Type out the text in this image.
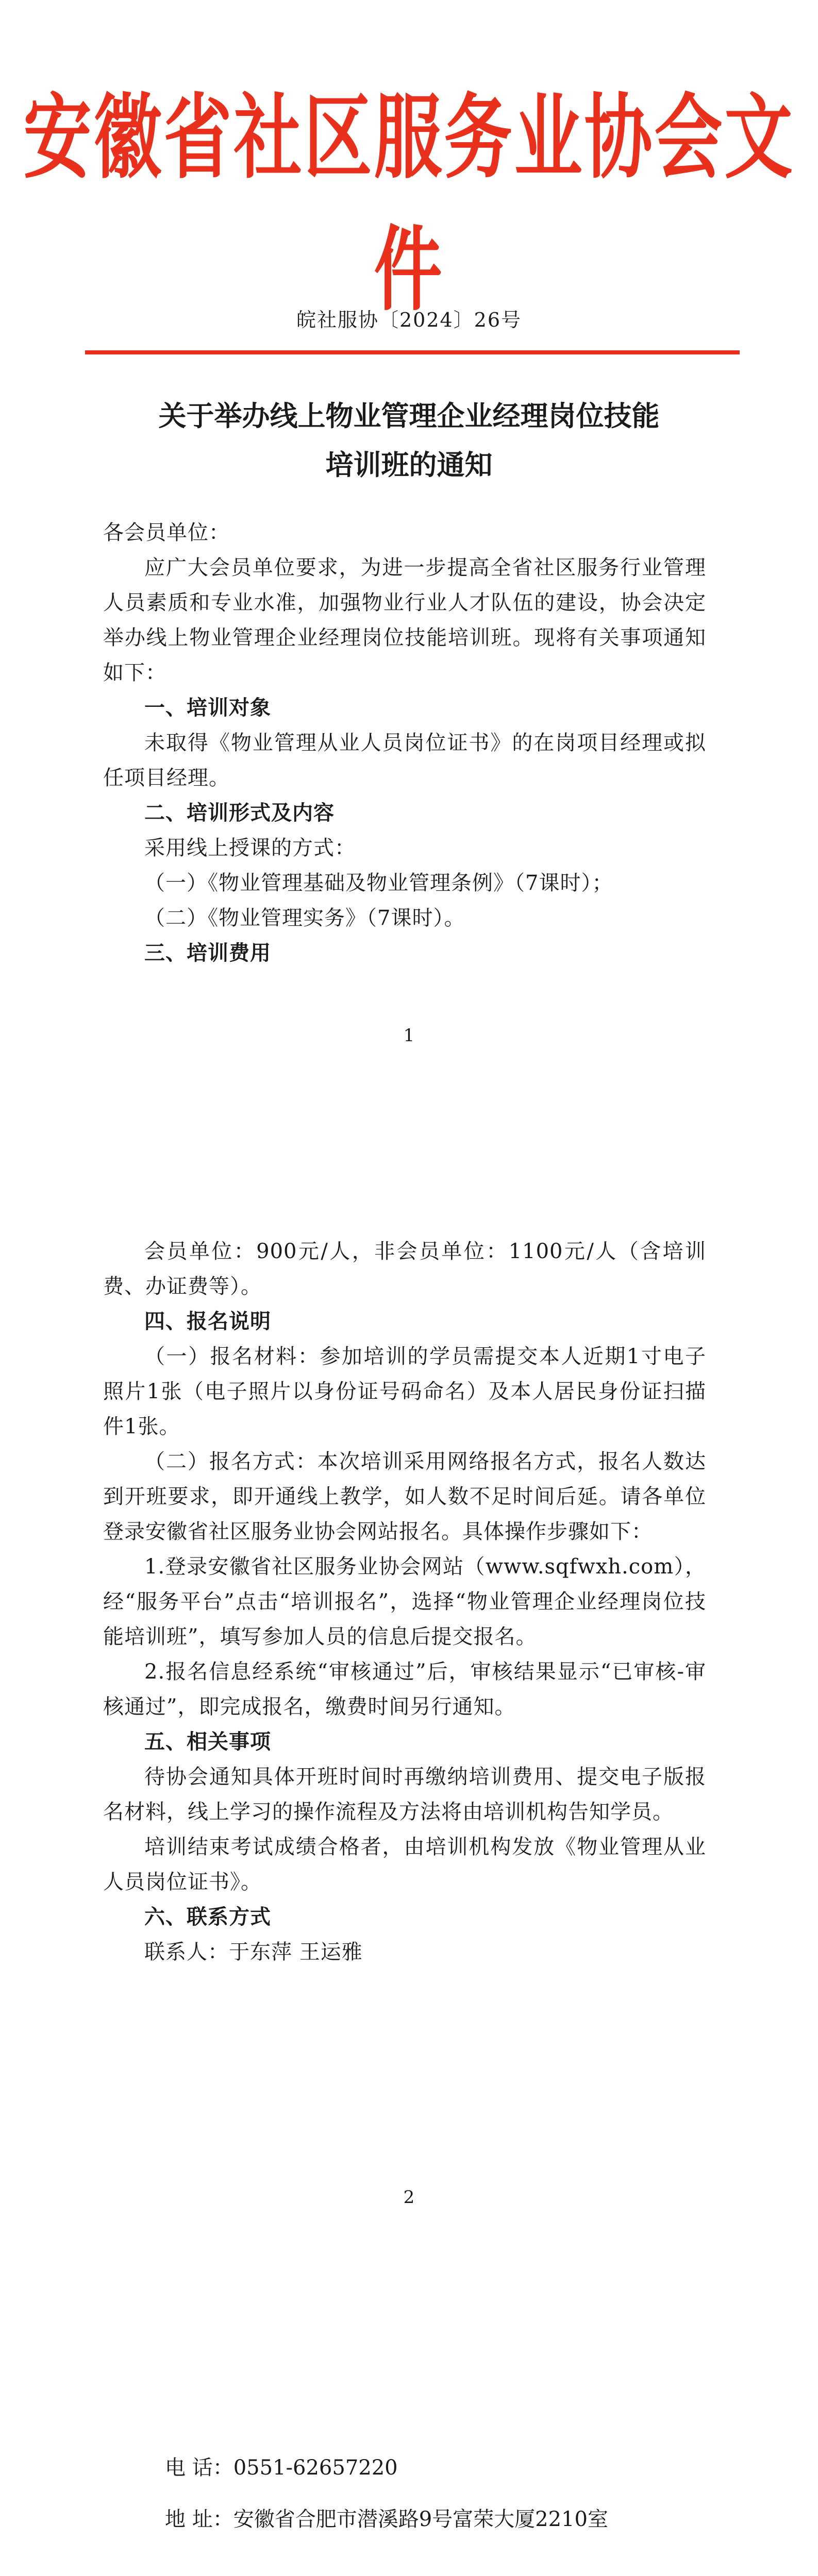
安徽省社区服务业协会文件
皖社服协〔2024〕26号
关于举办线上物业管理企业经理岗位技能
培训班的通知

各会员单位：

应广大会员单位要求，为进一步提高全省社区服务行业管理人员素质和专业水准，加强物业行业人才队伍的建设，协会决定举办线上物业管理企业经理岗位技能培训班。现将有关事项通知如下：

一、培训对象

未取得《物业管理从业人员岗位证书》的在岗项目经理或拟任项目经理。

二、培训形式及内容

采用线上授课的方式：

（一）《物业管理基础及物业管理条例》（7课时）；

（二）《物业管理实务》（7课时）。

三、培训费用

1

会员单位：900元/人，非会员单位：1100元/人（含培训费、办证费等）。

四、报名说明

（一）报名材料：参加培训的学员需提交本人近期1寸电子照片1张（电子照片以身份证号码命名）及本人居民身份证扫描件1张。

（二）报名方式：本次培训采用网络报名方式，报名人数达到开班要求，即开通线上教学，如人数不足时间后延。请各单位登录安徽省社区服务业协会网站报名。具体操作步骤如下：

1.登录安徽省社区服务业协会网站（www.sqfwxh.com），经“服务平台”点击“培训报名”，选择“物业管理企业经理岗位技能培训班”，填写参加人员的信息后提交报名。

2.报名信息经系统“审核通过”后，审核结果显示“已审核-审核通过”，即完成报名，缴费时间另行通知。

五、相关事项

待协会通知具体开班时间时再缴纳培训费用、提交电子版报名材料，线上学习的操作流程及方法将由培训机构告知学员。

培训结束考试成绩合格者，由培训机构发放《物业管理从业人员岗位证书》。

六、联系方式

联系人：于东萍 王运雅

2
电 话：0551-62657220
地 址：安徽省合肥市潜溪路9号富荣大厦2210室
